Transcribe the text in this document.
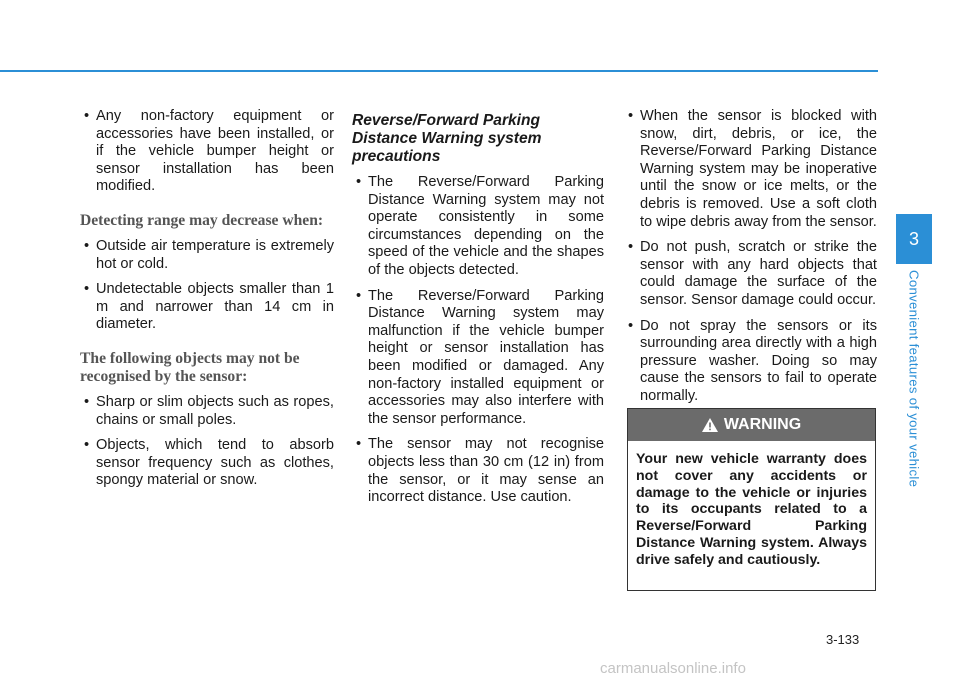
• Any non-factory equipment or accessories have been installed, or if the vehicle bumper height or sensor installation has been modified.
Detecting range may decrease when:
• Outside air temperature is extremely hot or cold.
• Undetectable objects smaller than 1 m and narrower than 14 cm in diameter.
The following objects may not be recognised by the sensor:
• Sharp or slim objects such as ropes, chains or small poles.
• Objects, which tend to absorb sensor frequency such as clothes, spongy material or snow.
Reverse/Forward Parking Distance Warning system precautions
• The Reverse/Forward Parking Distance Warning system may not operate consistently in some circumstances depending on the speed of the vehicle and the shapes of the objects detected.
• The Reverse/Forward Parking Distance Warning system may malfunction if the vehicle bumper height or sensor installation has been modified or damaged. Any non-factory installed equipment or accessories may also interfere with the sensor performance.
• The sensor may not recognise objects less than 30 cm (12 in) from the sensor, or it may sense an incorrect distance. Use caution.
• When the sensor is blocked with snow, dirt, debris, or ice, the Reverse/Forward Parking Distance Warning system may be inoperative until the snow or ice melts, or the debris is removed. Use a soft cloth to wipe debris away from the sensor.
• Do not push, scratch or strike the sensor with any hard objects that could damage the surface of the sensor. Sensor damage could occur.
• Do not spray the sensors or its surrounding area directly with a high pressure washer. Doing so may cause the sensors to fail to operate normally.
WARNING
Your new vehicle warranty does not cover any accidents or damage to the vehicle or injuries to its occupants related to a Reverse/Forward Parking Distance Warning system. Always drive safely and cautiously.
3
Convenient features of your vehicle
3-133
carmanualsonline.info
